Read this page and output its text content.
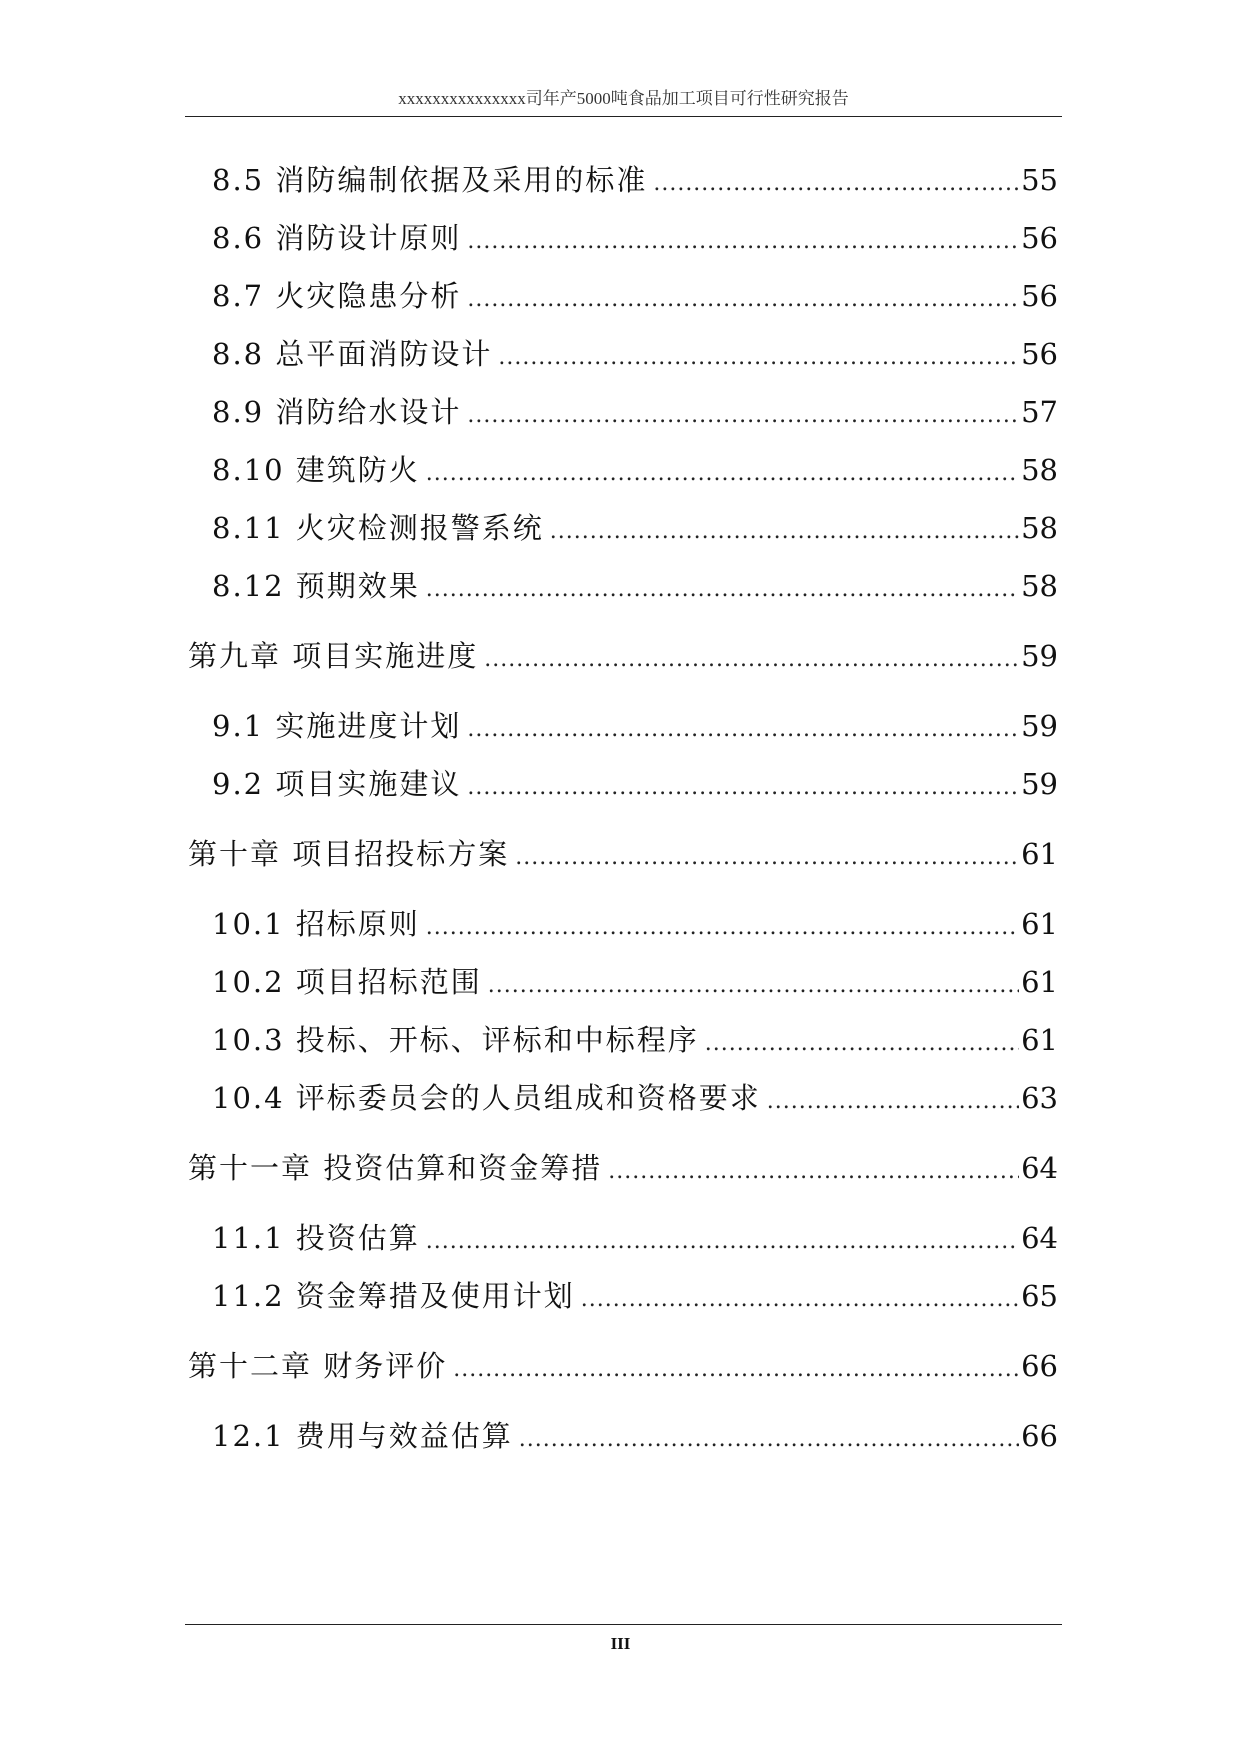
xxxxxxxxxxxxxxx司年产5000吨食品加工项目可行性研究报告
8.5 消防编制依据及采用的标准 .....	55
8.6 消防设计原则 .....	56
8.7 火灾隐患分析 .....	56
8.8 总平面消防设计 .....	56
8.9 消防给水设计 .....	57
8.10 建筑防火 .....	58
8.11 火灾检测报警系统 .....	58
8.12 预期效果 .....	58
第九章 项目实施进度 .....	59
9.1 实施进度计划 .....	59
9.2 项目实施建议 .....	59
第十章 项目招投标方案 .....	61
10.1 招标原则 .....	61
10.2 项目招标范围 .....	61
10.3 投标、开标、评标和中标程序 .....	61
10.4 评标委员会的人员组成和资格要求 .....	63
第十一章 投资估算和资金筹措 .....	64
11.1 投资估算 .....	64
11.2 资金筹措及使用计划 .....	65
第十二章 财务评价 .....	66
12.1 费用与效益估算 .....	66
III
